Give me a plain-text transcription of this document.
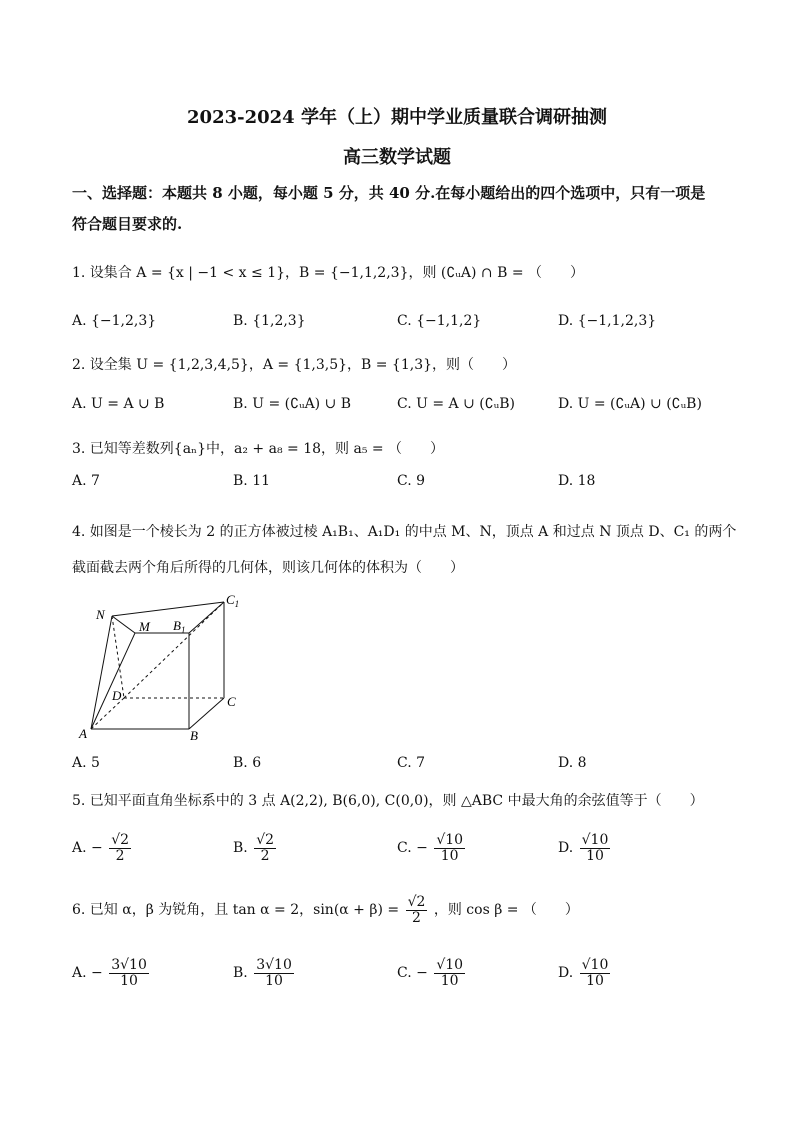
2023-2024 学年（上）期中学业质量联合调研抽测
高三数学试题
一、选择题：本题共 8 小题，每小题 5 分，共 40 分.在每小题给出的四个选项中，只有一项是
符合题目要求的.
1. 设集合 A = {x | −1 < x ≤ 1}，B = {−1,1,2,3}，则 (∁ᵤA) ∩ B = （　　）
A. {−1,2,3}	B. {1,2,3}	C. {−1,1,2}	D. {−1,1,2,3}
2. 设全集 U = {1,2,3,4,5}，A = {1,3,5}，B = {1,3}，则（　　）
A. U = A ∪ B	B. U = (∁ᵤA) ∪ B	C. U = A ∪ (∁ᵤB)	D. U = (∁ᵤA) ∪ (∁ᵤB)
3. 已知等差数列{aₙ}中，a₂ + a₈ = 18，则 a₅ = （　　）
A. 7	B. 11	C. 9	D. 18
4. 如图是一个棱长为 2 的正方体被过棱 A₁B₁、A₁D₁ 的中点 M、N，顶点 A 和过点 N 顶点 D、C₁ 的两个
截面截去两个角后所得的几何体，则该几何体的体积为（　　）
N
M $B_1$
$C_1$
D	C
A	B
A. 5	B. 6	C. 7	D. 8
5. 已知平面直角坐标系中的 3 点 A(2,2), B(6,0), C(0,0)，则 △ABC 中最大角的余弦值等于（　　）
A. − $\frac{√2}{2}$	B. $\frac{√2}{2}$	C. − $\frac{√10}{10}$	D. $\frac{√10}{10}$
6. 已知 α，β 为锐角，且 tan α = 2，$\sin(\alpha + \beta) = \frac{√2}{2}$ ，则 cos β = （　　）
A. − $\frac{3√10}{10}$	B. $\frac{3√10}{10}$	C. − $\frac{√10}{10}$	D. $\frac{√10}{10}$
